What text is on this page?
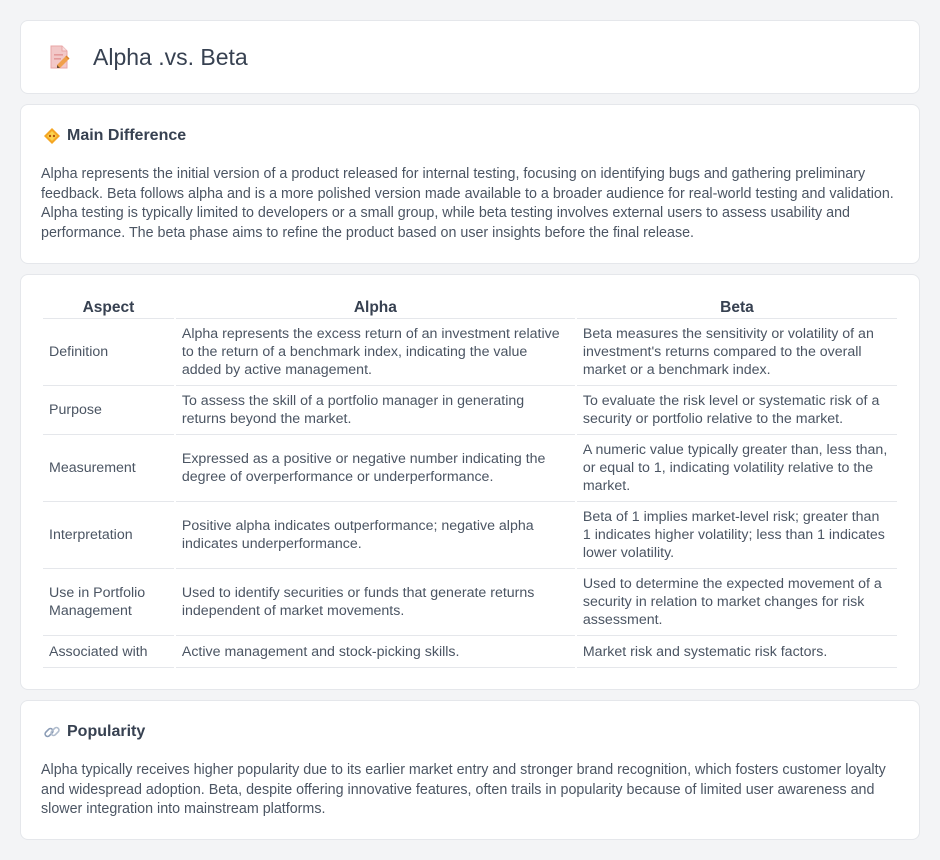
Alpha .vs. Beta
Main Difference

Alpha represents the initial version of a product released for internal testing, focusing on identifying bugs and gathering preliminary feedback. Beta follows alpha and is a more polished version made available to a broader audience for real-world testing and validation. Alpha testing is typically limited to developers or a small group, while beta testing involves external users to assess usability and performance. The beta phase aims to refine the product based on user insights before the final release.

Aspect	Alpha	Beta
Definition	Alpha represents the excess return of an investment relative to the return of a benchmark index, indicating the value added by active management.	Beta measures the sensitivity or volatility of an investment's returns compared to the overall market or a benchmark index.
Purpose	To assess the skill of a portfolio manager in generating returns beyond the market.	To evaluate the risk level or systematic risk of a security or portfolio relative to the market.
Measurement	Expressed as a positive or negative number indicating the degree of overperformance or underperformance.	A numeric value typically greater than, less than, or equal to 1, indicating volatility relative to the market.
Interpretation	Positive alpha indicates outperformance; negative alpha indicates underperformance.	Beta of 1 implies market-level risk; greater than 1 indicates higher volatility; less than 1 indicates lower volatility.
Use in Portfolio Management	Used to identify securities or funds that generate returns independent of market movements.	Used to determine the expected movement of a security in relation to market changes for risk assessment.
Associated with	Active management and stock-picking skills.	Market risk and systematic risk factors.
Popularity

Alpha typically receives higher popularity due to its earlier market entry and stronger brand recognition, which fosters customer loyalty and widespread adoption. Beta, despite offering innovative features, often trails in popularity because of limited user awareness and slower integration into mainstream platforms.
